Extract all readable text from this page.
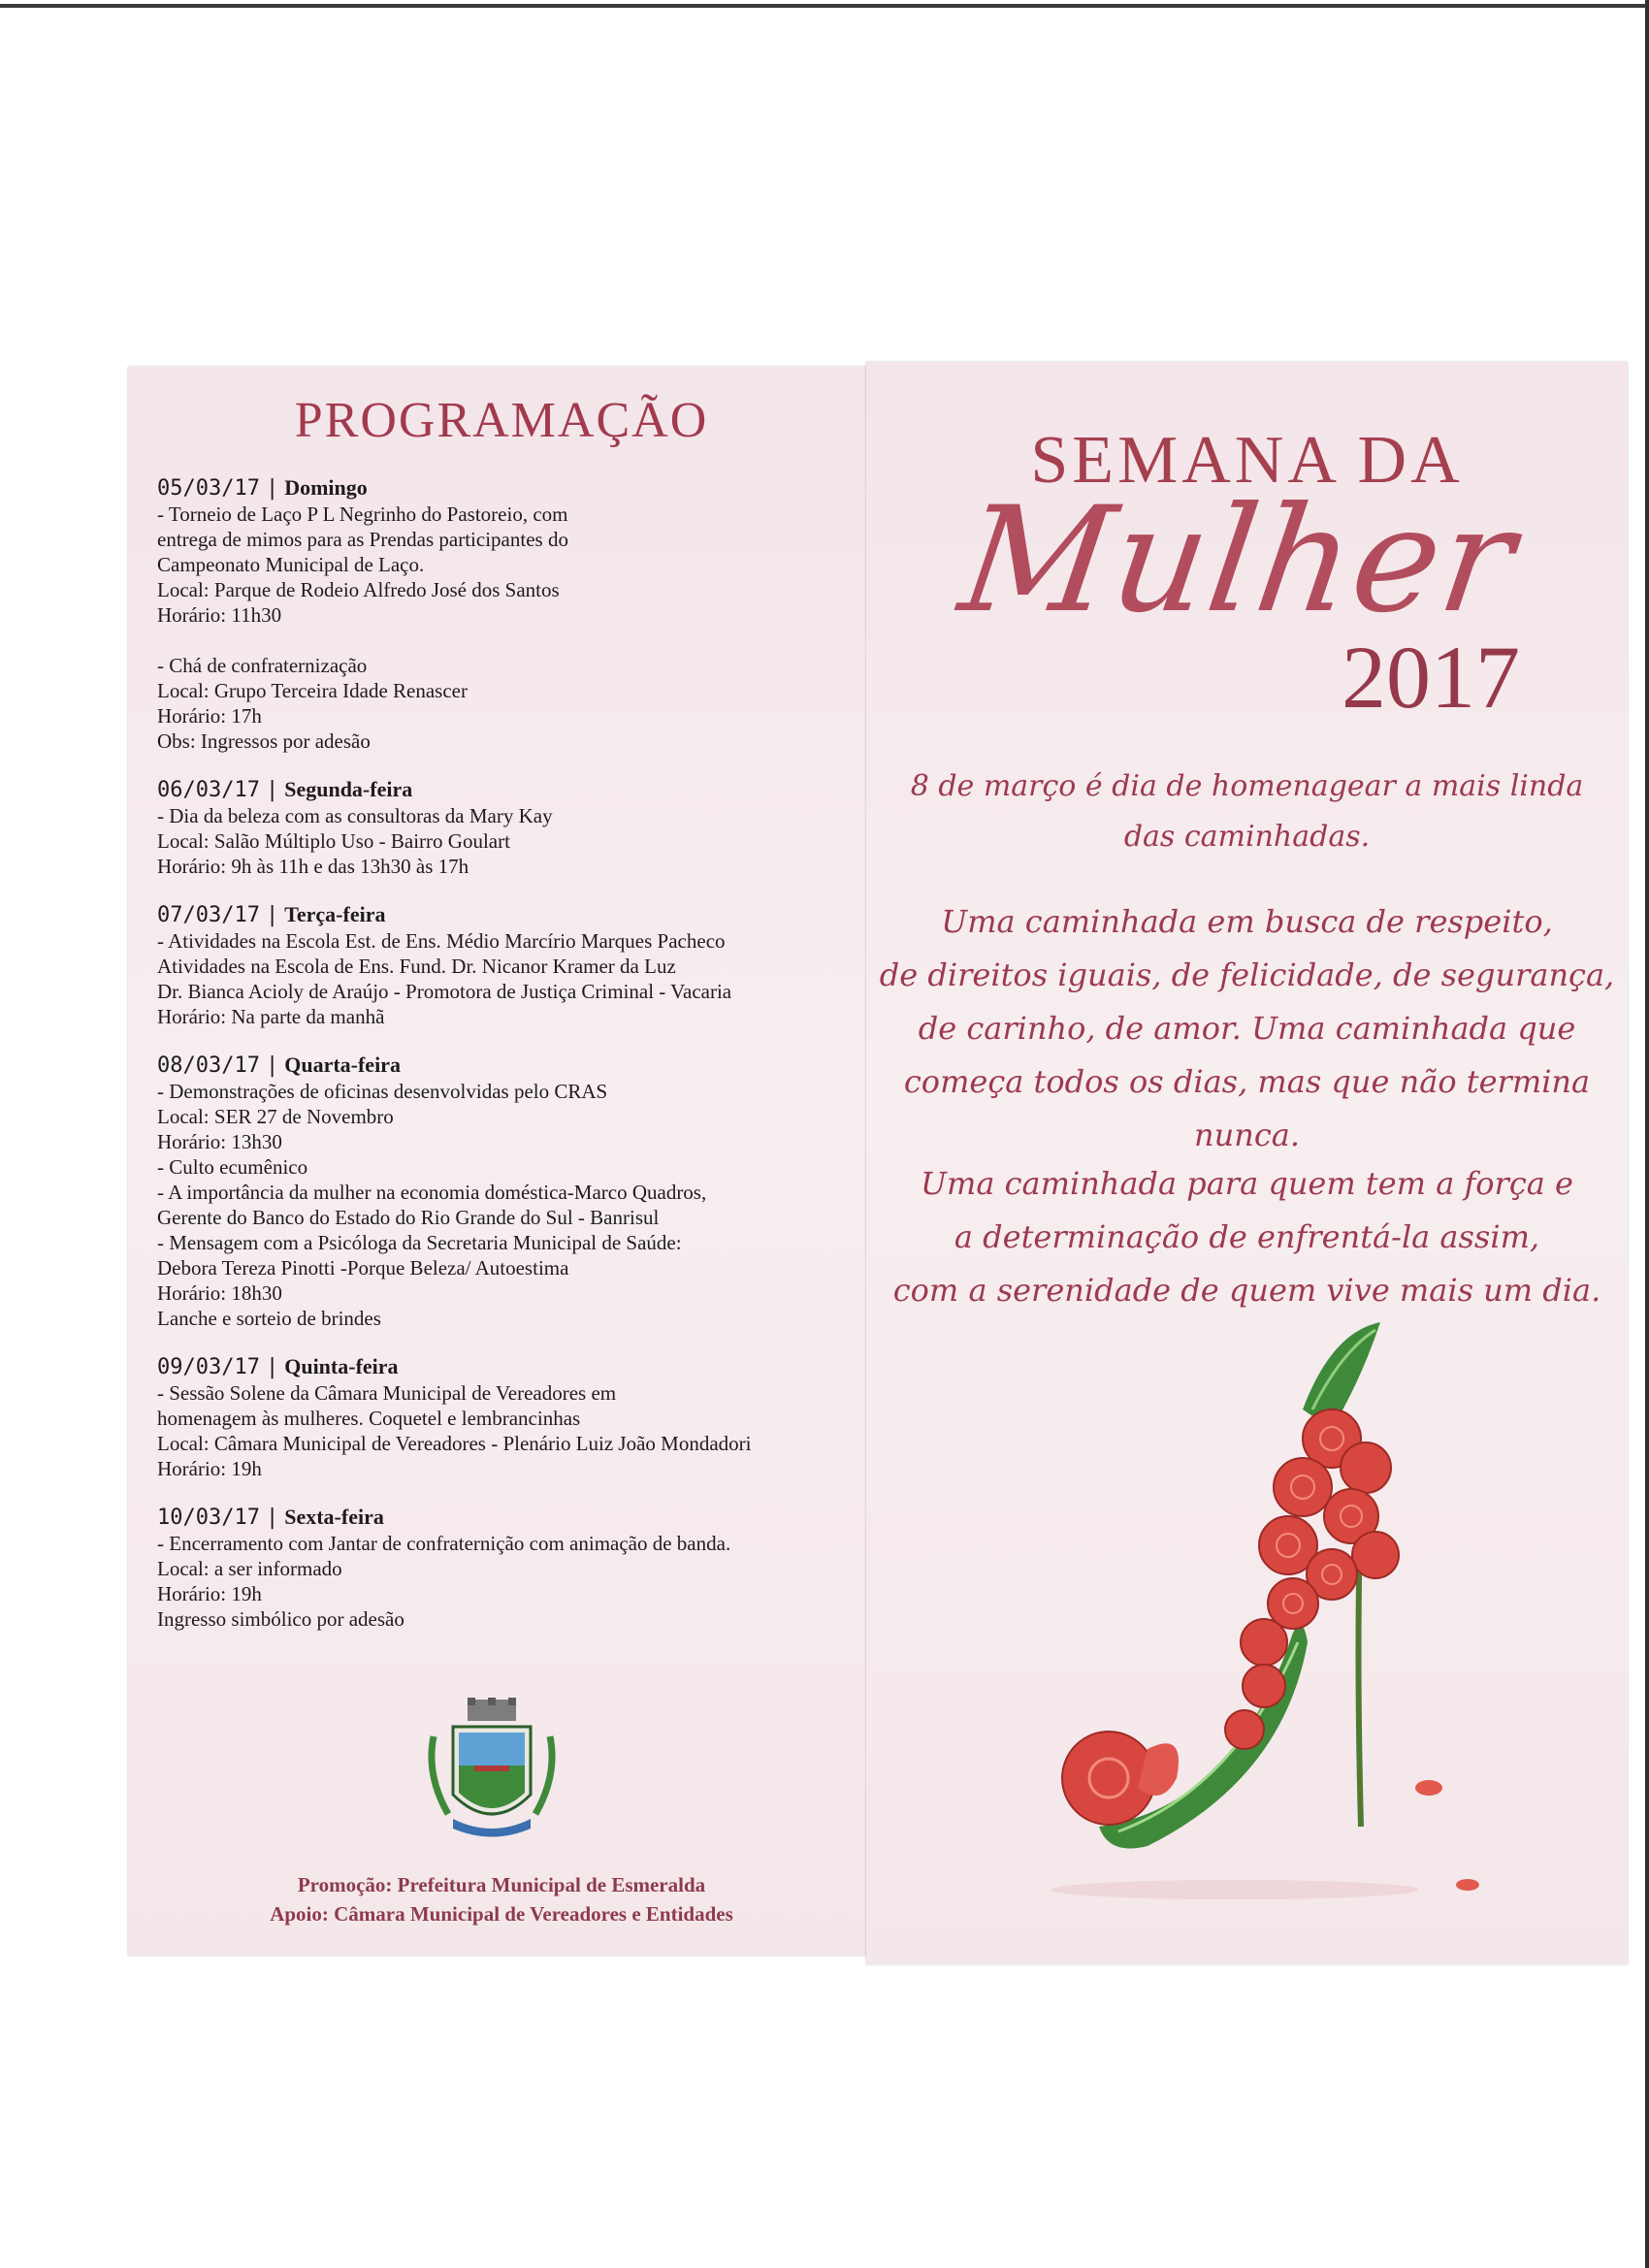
PROGRAMAÇÃO
05/03/17 | Domingo
- Torneio de Laço P L Negrinho do Pastoreio, com
entrega de mimos para as Prendas participantes do
Campeonato Municipal de Laço.
Local: Parque de Rodeio Alfredo José dos Santos
Horário: 11h30
- Chá de confraternização
Local: Grupo Terceira Idade Renascer
Horário: 17h
Obs: Ingressos por adesão
06/03/17 | Segunda-feira
- Dia da beleza com as consultoras da Mary Kay
Local: Salão Múltiplo Uso - Bairro Goulart
Horário: 9h às 11h e das 13h30 às 17h
07/03/17 | Terça-feira
- Atividades na Escola Est. de Ens. Médio Marcírio Marques Pacheco
Atividades na Escola de Ens. Fund. Dr. Nicanor Kramer da Luz
Dr. Bianca Acioly de Araújo - Promotora de Justiça Criminal - Vacaria
Horário: Na parte da manhã
08/03/17 | Quarta-feira
- Demonstrações de oficinas desenvolvidas pelo CRAS
Local: SER 27 de Novembro
Horário: 13h30
- Culto ecumênico
- A importância da mulher na economia doméstica-Marco Quadros,
Gerente do Banco do Estado do Rio Grande do Sul - Banrisul
- Mensagem com a Psicóloga da Secretaria Municipal de Saúde:
Debora Tereza Pinotti -Porque Beleza/ Autoestima
Horário: 18h30
Lanche e sorteio de brindes
09/03/17 | Quinta-feira
- Sessão Solene da Câmara Municipal de Vereadores em
homenagem às mulheres. Coquetel e lembrancinhas
Local: Câmara Municipal de Vereadores - Plenário Luiz João Mondadori
Horário: 19h
10/03/17 | Sexta-feira
- Encerramento com Jantar de confraternição com animação de banda.
Local: a ser informado
Horário: 19h
Ingresso simbólico por adesão
Promoção: Prefeitura Municipal de Esmeralda
Apoio: Câmara Municipal de Vereadores e Entidades
SEMANA DA
Mulher
2017
8 de março é dia de homenagear a mais linda
das caminhadas.
Uma caminhada em busca de respeito,
de direitos iguais, de felicidade, de segurança,
de carinho, de amor. Uma caminhada que
começa todos os dias, mas que não termina nunca.
Uma caminhada para quem tem a força e
a determinação de enfrentá-la assim,
com a serenidade de quem vive mais um dia.
